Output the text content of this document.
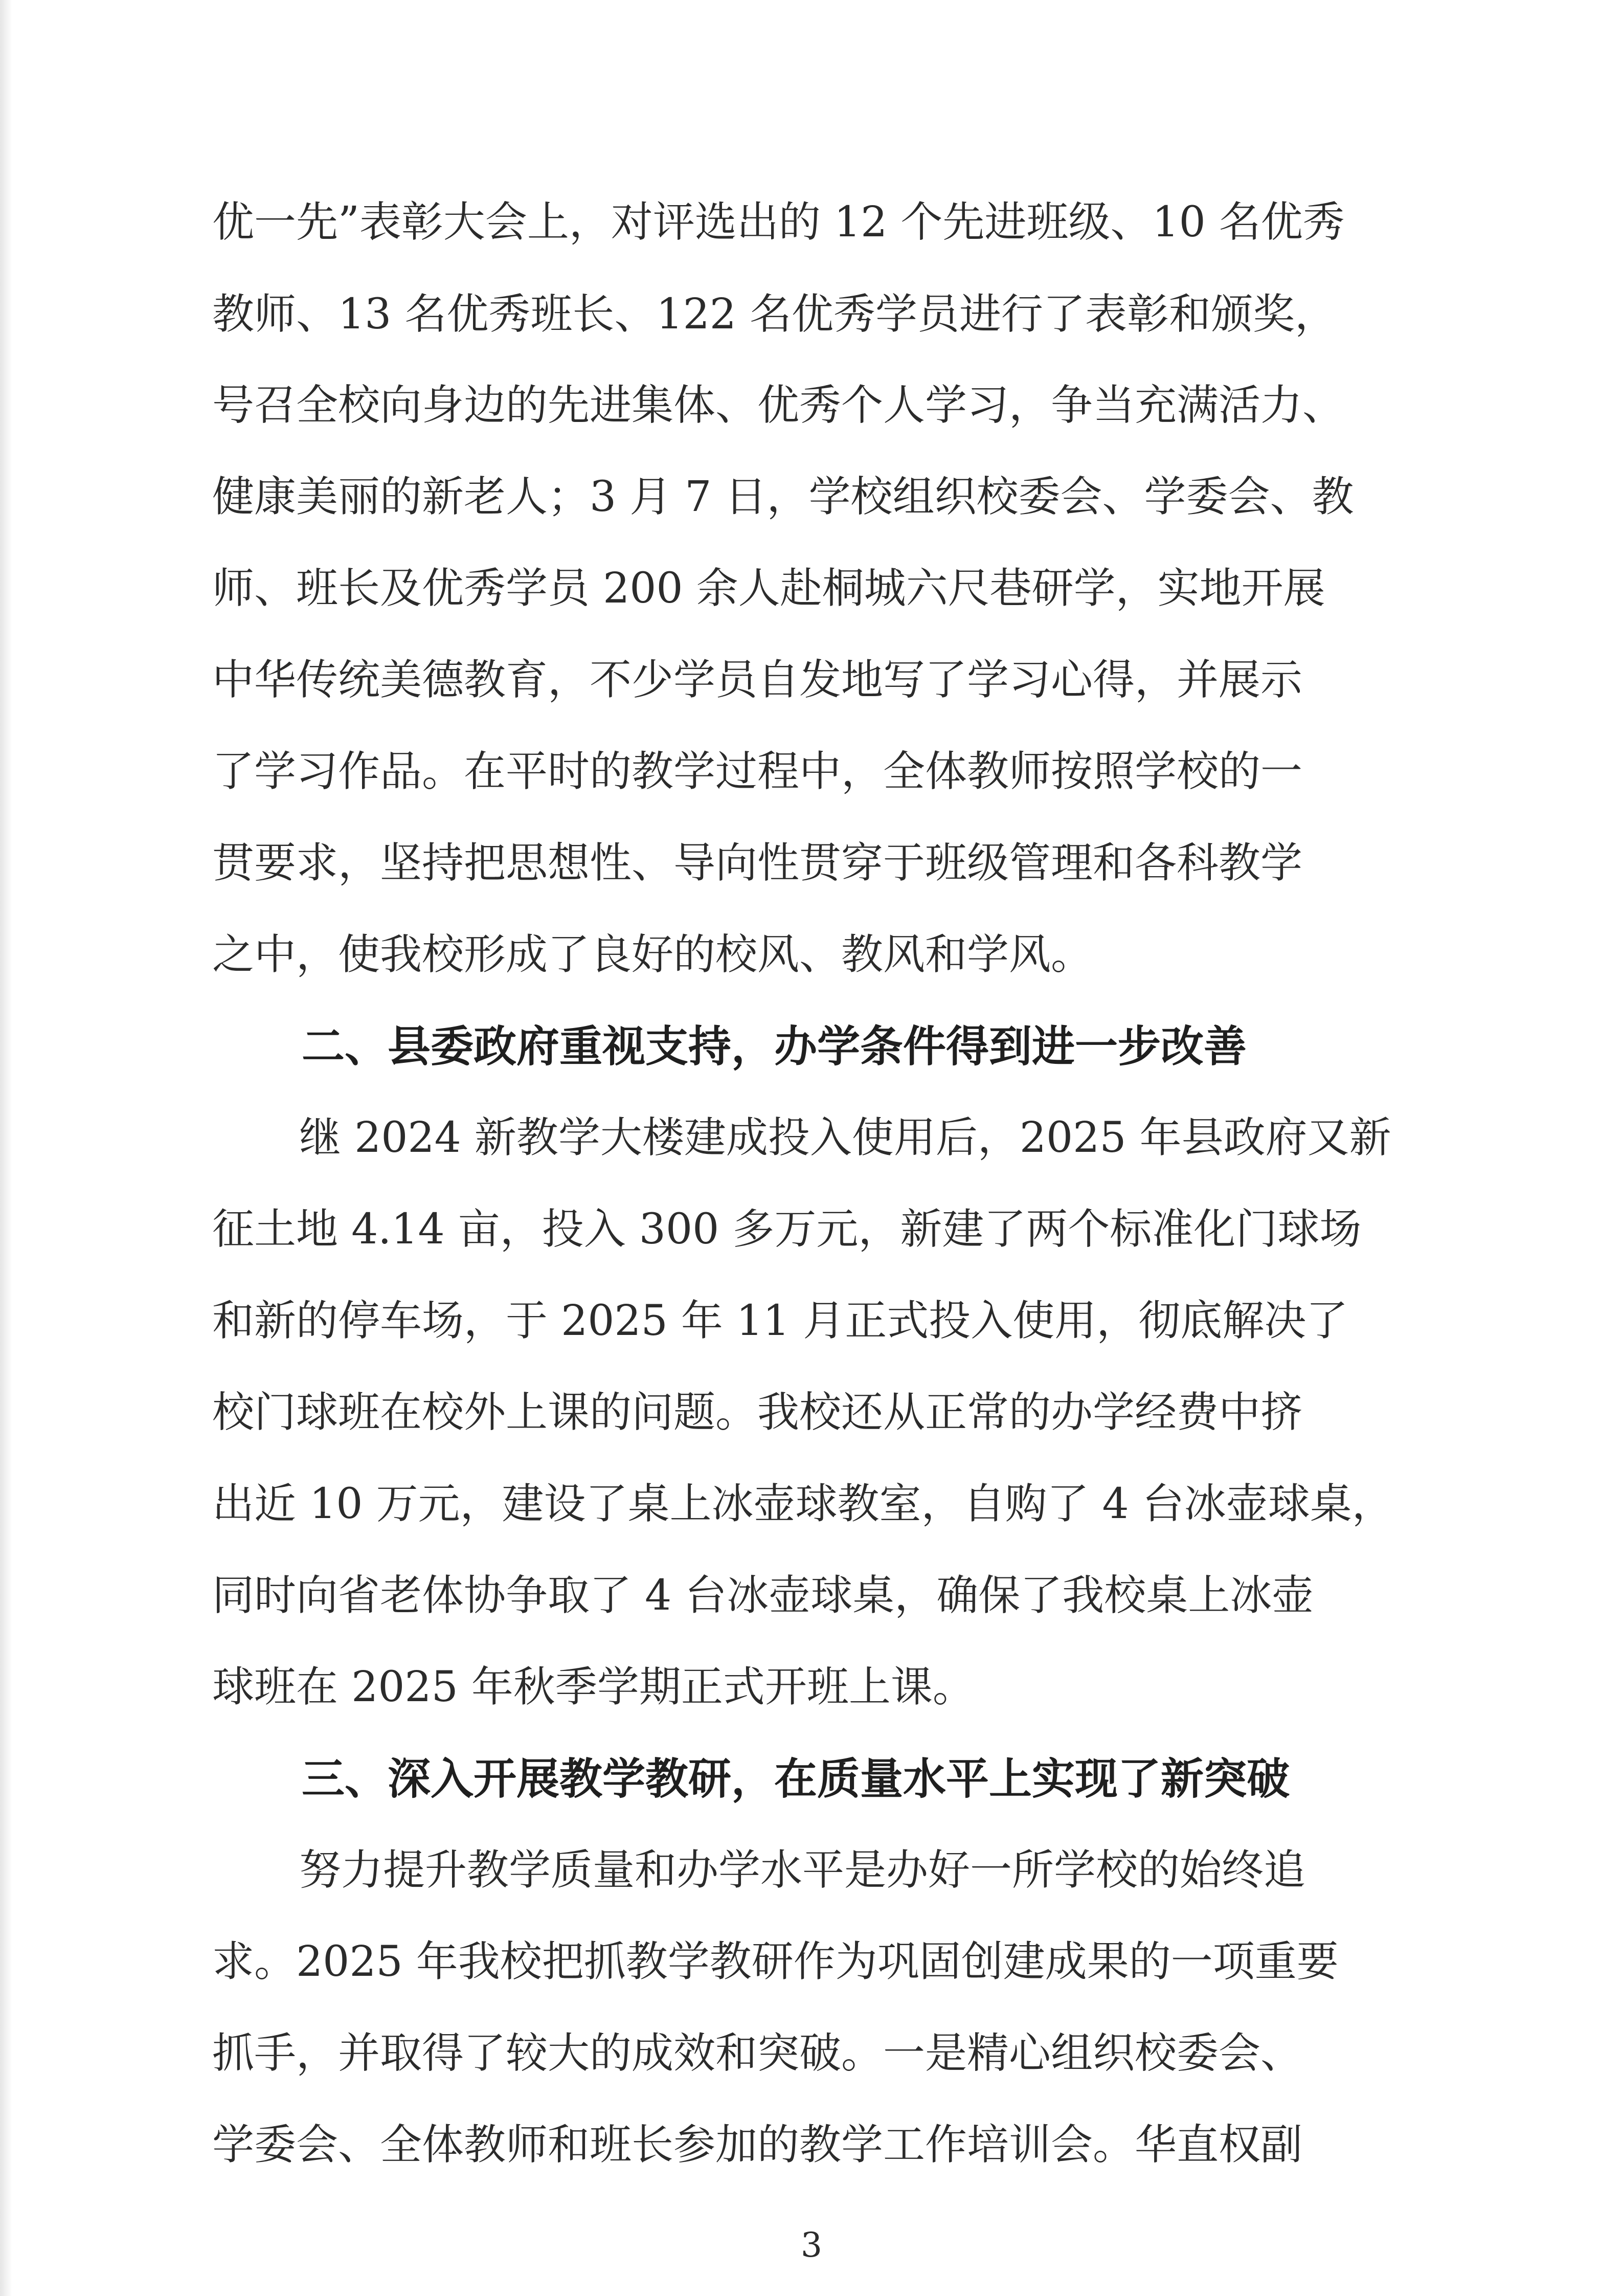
优一先”表彰大会上，对评选出的 12 个先进班级、10 名优秀
教师、13 名优秀班长、122 名优秀学员进行了表彰和颁奖，
号召全校向身边的先进集体、优秀个人学习，争当充满活力、
健康美丽的新老人；3 月 7 日，学校组织校委会、学委会、教
师、班长及优秀学员 200 余人赴桐城六尺巷研学，实地开展
中华传统美德教育，不少学员自发地写了学习心得，并展示
了学习作品。在平时的教学过程中，全体教师按照学校的一
贯要求，坚持把思想性、导向性贯穿于班级管理和各科教学
之中，使我校形成了良好的校风、教风和学风。
二、县委政府重视支持，办学条件得到进一步改善
继 2024 新教学大楼建成投入使用后，2025 年县政府又新
征土地 4.14 亩，投入 300 多万元，新建了两个标准化门球场
和新的停车场，于 2025 年 11 月正式投入使用，彻底解决了
校门球班在校外上课的问题。我校还从正常的办学经费中挤
出近 10 万元，建设了桌上冰壶球教室，自购了 4 台冰壶球桌，
同时向省老体协争取了 4 台冰壶球桌，确保了我校桌上冰壶
球班在 2025 年秋季学期正式开班上课。
三、深入开展教学教研，在质量水平上实现了新突破
努力提升教学质量和办学水平是办好一所学校的始终追
求。2025 年我校把抓教学教研作为巩固创建成果的一项重要
抓手，并取得了较大的成效和突破。一是精心组织校委会、
学委会、全体教师和班长参加的教学工作培训会。华直权副
3
